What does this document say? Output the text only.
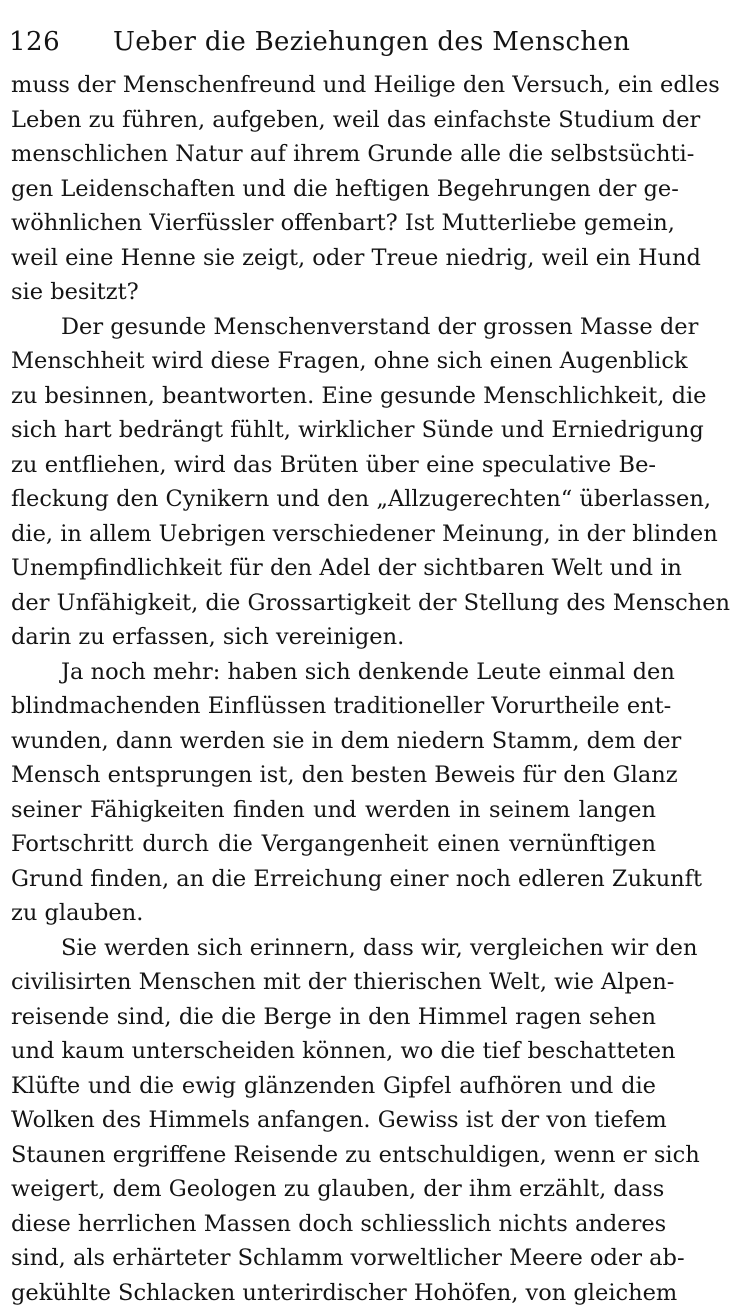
126 Ueber die Beziehungen des Menschen
muss der Menschenfreund und Heilige den Versuch, ein edles
Leben zu führen, aufgeben, weil das einfachste Studium der
menschlichen Natur auf ihrem Grunde alle die selbstsüchti-
gen Leidenschaften und die heftigen Begehrungen der ge-
wöhnlichen Vierfüssler offenbart? Ist Mutterliebe gemein,
weil eine Henne sie zeigt, oder Treue niedrig, weil ein Hund
sie besitzt?
Der gesunde Menschenverstand der grossen Masse der
Menschheit wird diese Fragen, ohne sich einen Augenblick
zu besinnen, beantworten. Eine gesunde Menschlichkeit, die
sich hart bedrängt fühlt, wirklicher Sünde und Erniedrigung
zu entfliehen, wird das Brüten über eine speculative Be-
fleckung den Cynikern und den „Allzugerechten“ überlassen,
die, in allem Uebrigen verschiedener Meinung, in der blinden
Unempfindlichkeit für den Adel der sichtbaren Welt und in
der Unfähigkeit, die Grossartigkeit der Stellung des Menschen
darin zu erfassen, sich vereinigen.
Ja noch mehr: haben sich denkende Leute einmal den
blindmachenden Einflüssen traditioneller Vorurtheile ent-
wunden, dann werden sie in dem niedern Stamm, dem der
Mensch entsprungen ist, den besten Beweis für den Glanz
seiner Fähigkeiten finden und werden in seinem langen
Fortschritt durch die Vergangenheit einen vernünftigen
Grund finden, an die Erreichung einer noch edleren Zukunft
zu glauben.
Sie werden sich erinnern, dass wir, vergleichen wir den
civilisirten Menschen mit der thierischen Welt, wie Alpen-
reisende sind, die die Berge in den Himmel ragen sehen
und kaum unterscheiden können, wo die tief beschatteten
Klüfte und die ewig glänzenden Gipfel aufhören und die
Wolken des Himmels anfangen. Gewiss ist der von tiefem
Staunen ergriffene Reisende zu entschuldigen, wenn er sich
weigert, dem Geologen zu glauben, der ihm erzählt, dass
diese herrlichen Massen doch schliesslich nichts anderes
sind, als erhärteter Schlamm vorweltlicher Meere oder ab-
gekühlte Schlacken unterirdischer Hohöfen, von gleichem
